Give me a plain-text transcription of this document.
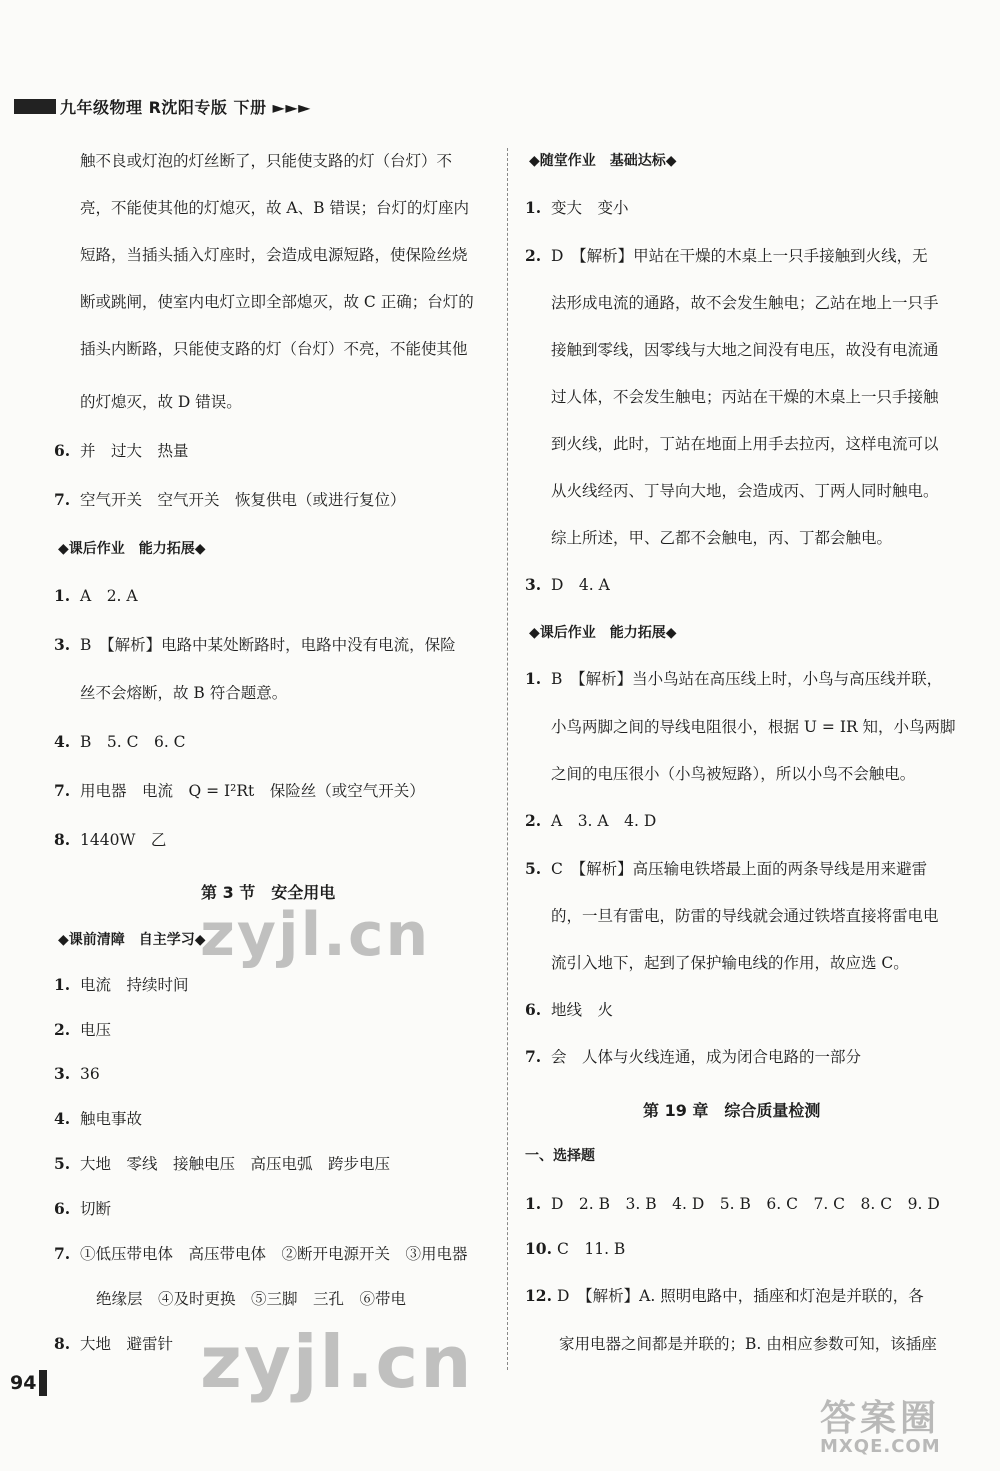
九年级物理 R沈阳专版 下册 ►►►
触不良或灯泡的灯丝断了，只能使支路的灯（台灯）不
亮，不能使其他的灯熄灭，故 A、B 错误；台灯的灯座内
短路，当插头插入灯座时，会造成电源短路，使保险丝烧
断或跳闸，使室内电灯立即全部熄灭，故 C 正确；台灯的
插头内断路，只能使支路的灯（台灯）不亮，不能使其他
的灯熄灭，故 D 错误。
6. 并　过大　热量
7. 空气开关　空气开关　恢复供电（或进行复位）
◆课后作业　能力拓展◆
1. A　2. A
3. B　【解析】电路中某处断路时，电路中没有电流，保险
丝不会熔断，故 B 符合题意。
4. B　5. C　6. C
7. 用电器　电流　Q = I²Rt　保险丝（或空气开关）
8. 1440W　乙
第 3 节　安全用电
◆课前清障　自主学习◆
1. 电流　持续时间
2. 电压
3. 36
4. 触电事故
5. 大地　零线　接触电压　高压电弧　跨步电压
6. 切断
7. ①低压带电体　高压带电体　②断开电源开关　③用电器
绝缘层　④及时更换　⑤三脚　三孔　⑥带电
8. 大地　避雷针
◆随堂作业　基础达标◆
1. 变大　变小
2. D　【解析】甲站在干燥的木桌上一只手接触到火线，无
法形成电流的通路，故不会发生触电；乙站在地上一只手
接触到零线，因零线与大地之间没有电压，故没有电流通
过人体，不会发生触电；丙站在干燥的木桌上一只手接触
到火线，此时，丁站在地面上用手去拉丙，这样电流可以
从火线经丙、丁导向大地，会造成丙、丁两人同时触电。
综上所述，甲、乙都不会触电，丙、丁都会触电。
3. D　4. A
◆课后作业　能力拓展◆
1. B　【解析】当小鸟站在高压线上时，小鸟与高压线并联，
小鸟两脚之间的导线电阻很小，根据 U = IR 知，小鸟两脚
之间的电压很小（小鸟被短路），所以小鸟不会触电。
2. A　3. A　4. D
5. C　【解析】高压输电铁塔最上面的两条导线是用来避雷
的，一旦有雷电，防雷的导线就会通过铁塔直接将雷电电
流引入地下，起到了保护输电线的作用，故应选 C。
6. 地线　火
7. 会　人体与火线连通，成为闭合电路的一部分
第 19 章　综合质量检测
一、选择题
1. D　2. B　3. B　4. D　5. B　6. C　7. C　8. C　9. D
10. C　11. B
12. D　【解析】A. 照明电路中，插座和灯泡是并联的，各
家用电器之间都是并联的；B. 由相应参数可知，该插座
94
zyjl.cn
zyjl.cn
答案圈
MXQE.COM
